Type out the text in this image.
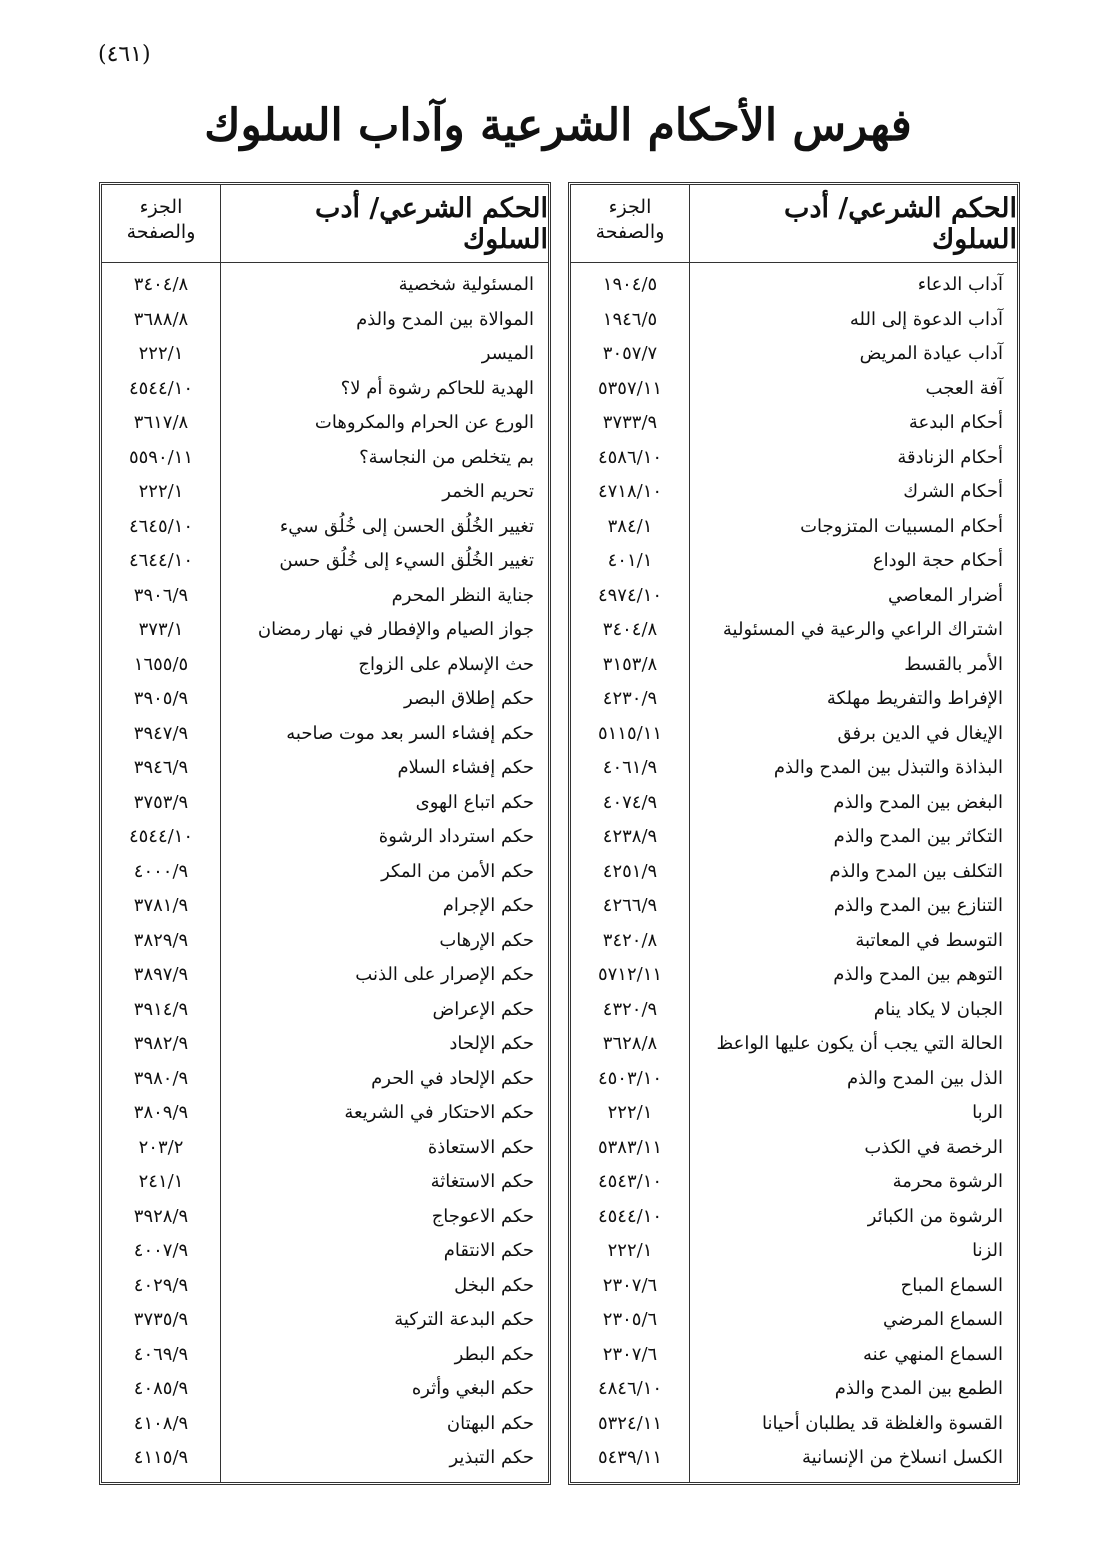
(٤٦١)
فهرس الأحكام الشرعية وآداب السلوك
الحكم الشرعي/ أدب السلوك
الجزء
والصفحة
آداب الدعاء
١٩٠٤/٥
آداب الدعوة إلى الله
١٩٤٦/٥
آداب عيادة المريض
٣٠٥٧/٧
آفة العجب
٥٣٥٧/١١
أحكام البدعة
٣٧٣٣/٩
أحكام الزنادقة
٤٥٨٦/١٠
أحكام الشرك
٤٧١٨/١٠
أحكام المسبيات المتزوجات
٣٨٤/١
أحكام حجة الوداع
٤٠١/١
أضرار المعاصي
٤٩٧٤/١٠
اشتراك الراعي والرعية في المسئولية
٣٤٠٤/٨
الأمر بالقسط
٣١٥٣/٨
الإفراط والتفريط مهلكة
٤٢٣٠/٩
الإيغال في الدين برفق
٥١١٥/١١
البذاذة والتبذل بين المدح والذم
٤٠٦١/٩
البغض بين المدح والذم
٤٠٧٤/٩
التكاثر بين المدح والذم
٤٢٣٨/٩
التكلف بين المدح والذم
٤٢٥١/٩
التنازع بين المدح والذم
٤٢٦٦/٩
التوسط في المعاتبة
٣٤٢٠/٨
التوهم بين المدح والذم
٥٧١٢/١١
الجبان لا يكاد ينام
٤٣٢٠/٩
الحالة التي يجب أن يكون عليها الواعظ
٣٦٢٨/٨
الذل بين المدح والذم
٤٥٠٣/١٠
الربا
٢٢٢/١
الرخصة في الكذب
٥٣٨٣/١١
الرشوة محرمة
٤٥٤٣/١٠
الرشوة من الكبائر
٤٥٤٤/١٠
الزنا
٢٢٢/١
السماع المباح
٢٣٠٧/٦
السماع المرضي
٢٣٠٥/٦
السماع المنهي عنه
٢٣٠٧/٦
الطمع بين المدح والذم
٤٨٤٦/١٠
القسوة والغلظة قد يطلبان أحيانا
٥٣٢٤/١١
الكسل انسلاخ من الإنسانية
٥٤٣٩/١١
الحكم الشرعي/ أدب السلوك
الجزء
والصفحة
المسئولية شخصية
٣٤٠٤/٨
الموالاة بين المدح والذم
٣٦٨٨/٨
الميسر
٢٢٢/١
الهدية للحاكم رشوة أم لا؟
٤٥٤٤/١٠
الورع عن الحرام والمكروهات
٣٦١٧/٨
بم يتخلص من النجاسة؟
٥٥٩٠/١١
تحريم الخمر
٢٢٢/١
تغيير الخُلُق الحسن إلى خُلُق سيء
٤٦٤٥/١٠
تغيير الخُلُق السيء إلى خُلُق حسن
٤٦٤٤/١٠
جناية النظر المحرم
٣٩٠٦/٩
جواز الصيام والإفطار في نهار رمضان
٣٧٣/١
حث الإسلام على الزواج
١٦٥٥/٥
حكم إطلاق البصر
٣٩٠٥/٩
حكم إفشاء السر بعد موت صاحبه
٣٩٤٧/٩
حكم إفشاء السلام
٣٩٤٦/٩
حكم اتباع الهوى
٣٧٥٣/٩
حكم استرداد الرشوة
٤٥٤٤/١٠
حكم الأمن من المكر
٤٠٠٠/٩
حكم الإجرام
٣٧٨١/٩
حكم الإرهاب
٣٨٢٩/٩
حكم الإصرار على الذنب
٣٨٩٧/٩
حكم الإعراض
٣٩١٤/٩
حكم الإلحاد
٣٩٨٢/٩
حكم الإلحاد في الحرم
٣٩٨٠/٩
حكم الاحتكار في الشريعة
٣٨٠٩/٩
حكم الاستعاذة
٢٠٣/٢
حكم الاستغاثة
٢٤١/١
حكم الاعوجاج
٣٩٢٨/٩
حكم الانتقام
٤٠٠٧/٩
حكم البخل
٤٠٢٩/٩
حكم البدعة التركية
٣٧٣٥/٩
حكم البطر
٤٠٦٩/٩
حكم البغي وأثره
٤٠٨٥/٩
حكم البهتان
٤١٠٨/٩
حكم التبذير
٤١١٥/٩
